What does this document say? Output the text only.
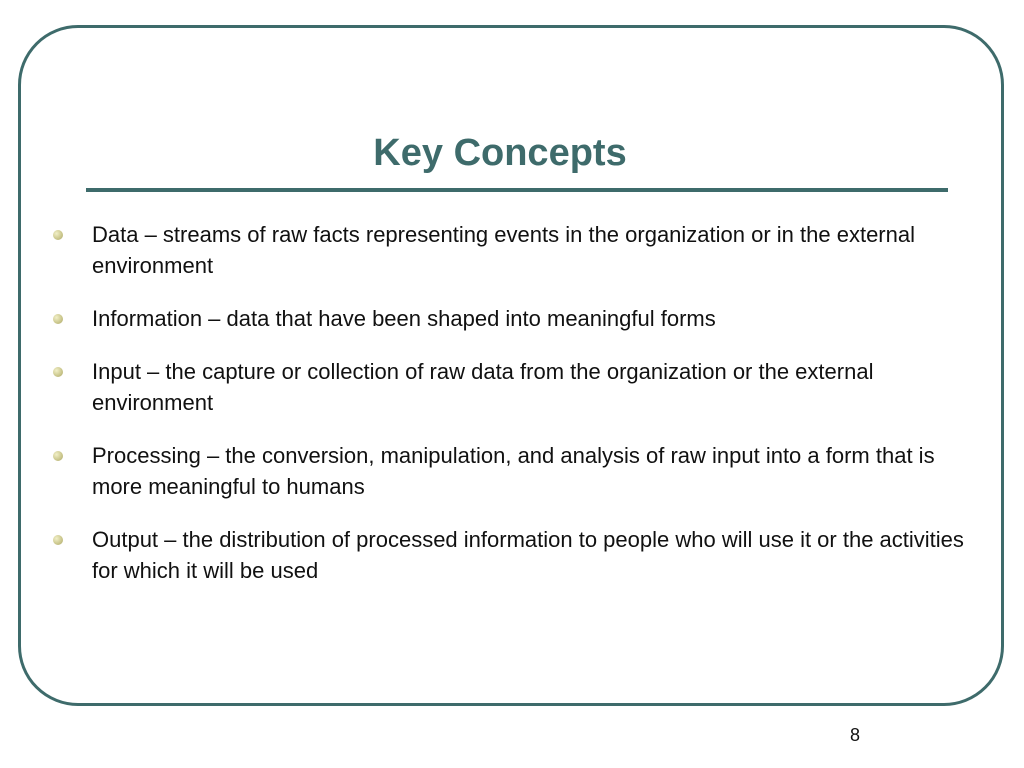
Key Concepts
Data – streams of raw facts representing events in the organization or in the external environment
Information – data that have been shaped into meaningful forms
Input – the capture or collection of raw data from the organization or the external environment
Processing – the conversion, manipulation, and analysis of raw input into a form that is more meaningful to humans
Output – the distribution of processed information to people who will use it or the activities for which it will be used
8
